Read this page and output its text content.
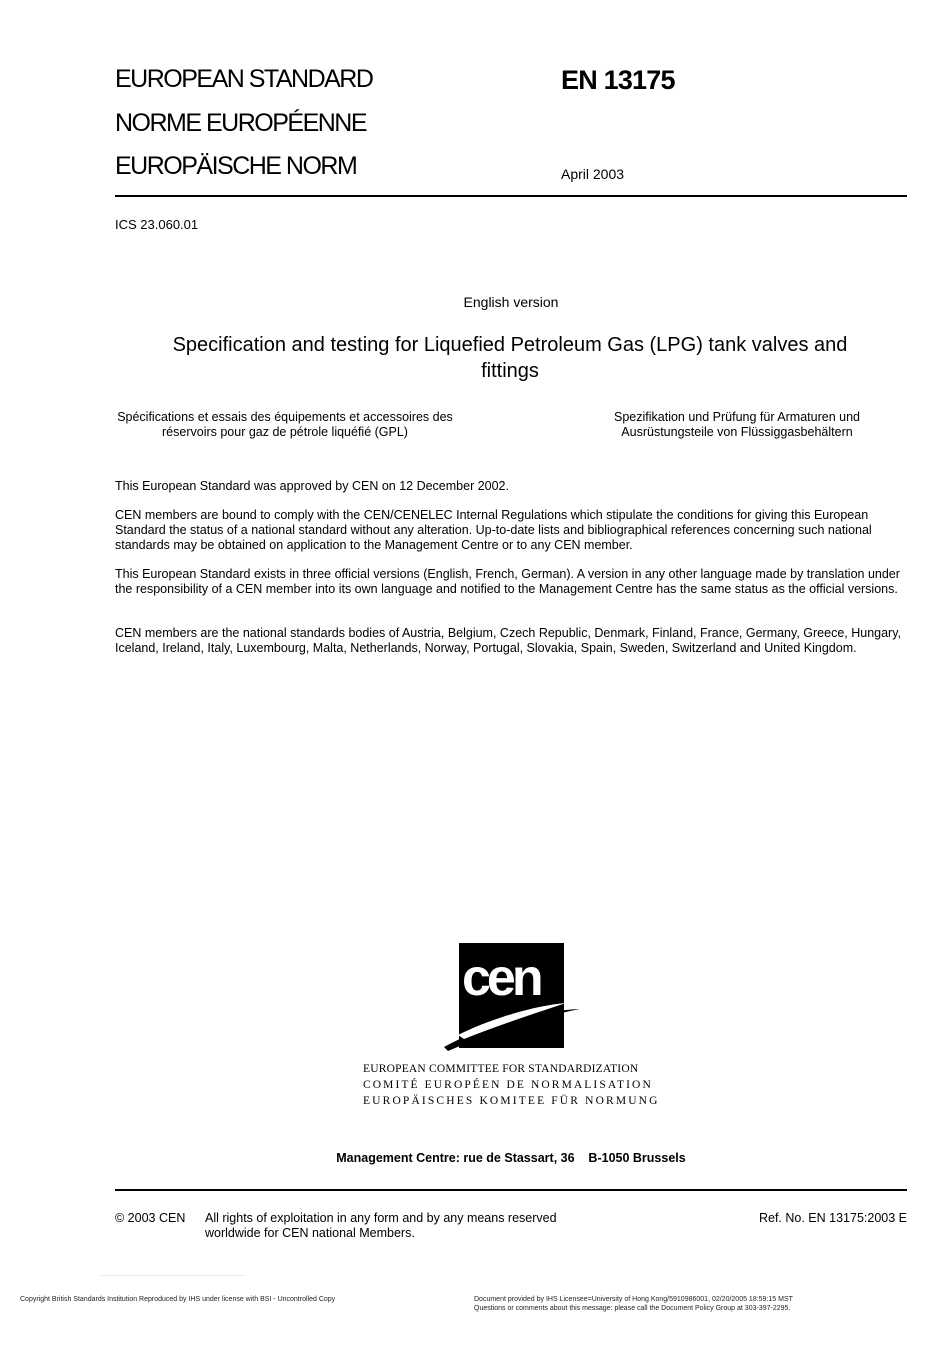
EUROPEAN STANDARD
NORME EUROPÉENNE
EUROPÄISCHE NORM
EN 13175
April 2003
ICS 23.060.01
English version
Specification and testing for Liquefied Petroleum Gas (LPG) tank valves and fittings
Spécifications et essais des équipements et accessoires des réservoirs pour gaz de pétrole liquéfié (GPL)
Spezifikation und Prüfung für Armaturen und Ausrüstungsteile von Flüssiggasbehältern
This European Standard was approved by CEN on 12 December 2002.
CEN members are bound to comply with the CEN/CENELEC Internal Regulations which stipulate the conditions for giving this European Standard the status of a national standard without any alteration. Up-to-date lists and bibliographical references concerning such national standards may be obtained on application to the Management Centre or to any CEN member.
This European Standard exists in three official versions (English, French, German). A version in any other language made by translation under the responsibility of a CEN member into its own language and notified to the Management Centre has the same status as the official versions.
CEN members are the national standards bodies of Austria, Belgium, Czech Republic, Denmark, Finland, France, Germany, Greece, Hungary, Iceland, Ireland, Italy, Luxembourg, Malta, Netherlands, Norway, Portugal, Slovakia, Spain, Sweden, Switzerland and United Kingdom.
cen
EUROPEAN COMMITTEE FOR STANDARDIZATION
COMITÉ EUROPÉEN DE NORMALISATION
EUROPÄISCHES KOMITEE FÜR NORMUNG
Management Centre: rue de Stassart, 36    B-1050 Brussels
© 2003 CEN All rights of exploitation in any form and by any means reserved worldwide for CEN national Members.
Ref. No. EN 13175:2003 E
Copyright British Standards Institution Reproduced by IHS under license with BSI - Uncontrolled Copy	Document provided by IHS Licensee=University of Hong Kong/5910986001, 02/20/2005 18:59:15 MST Questions or comments about this message: please call the Document Policy Group at 303-397-2295.
